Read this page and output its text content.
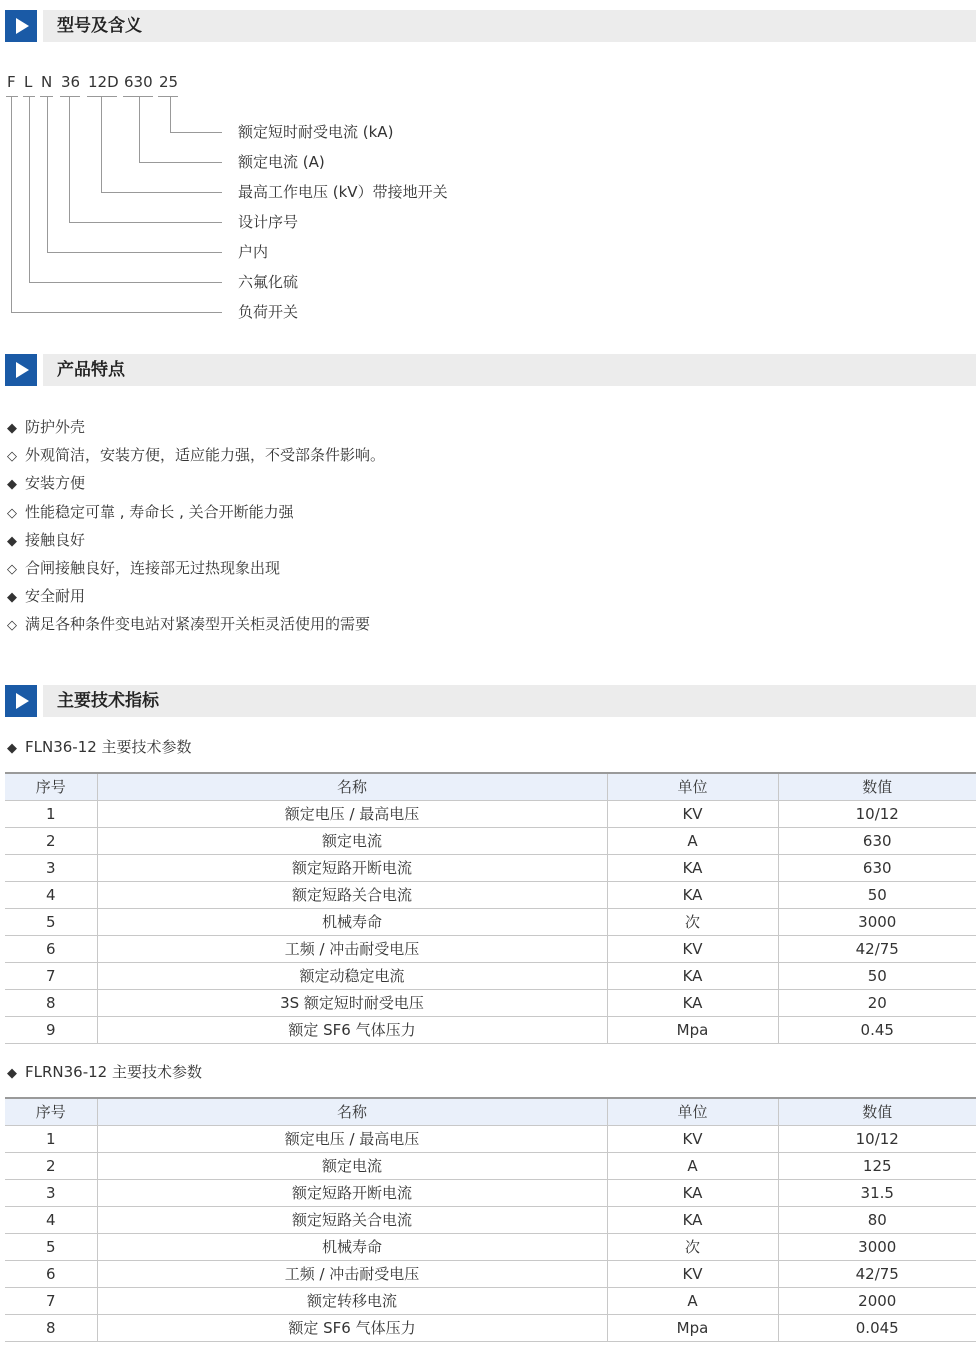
型号及含义
F L N 36 12D 630 25
额定短时耐受电流 (kA)
额定电流 (A)
最高工作电压 (kV）带接地开关
设计序号
户内
六氟化硫
负荷开关
产品特点
◆ 防护外壳
◇ 外观简洁，安装方便，适应能力强，不受部条件影响。
◆ 安装方便
◇ 性能稳定可靠 , 寿命长 , 关合开断能力强
◆ 接触良好
◇ 合闸接触良好，连接部无过热现象出现
◆ 安全耐用
◇ 满足各种条件变电站对紧凑型开关柜灵活使用的需要
主要技术指标
◆ FLN36-12 主要技术参数
序号	名称	单位	数值
1	额定电压 / 最高电压	KV	10/12
2	额定电流	A	630
3	额定短路开断电流	KA	630
4	额定短路关合电流	KA	50
5	机械寿命	次	3000
6	工频 / 冲击耐受电压	KV	42/75
7	额定动稳定电流	KA	50
8	3S 额定短时耐受电压	KA	20
9	额定 SF6 气体压力	Mpa	0.45
◆ FLRN36-12 主要技术参数
序号	名称	单位	数值
1	额定电压 / 最高电压	KV	10/12
2	额定电流	A	125
3	额定短路开断电流	KA	31.5
4	额定短路关合电流	KA	80
5	机械寿命	次	3000
6	工频 / 冲击耐受电压	KV	42/75
7	额定转移电流	A	2000
8	额定 SF6 气体压力	Mpa	0.045
